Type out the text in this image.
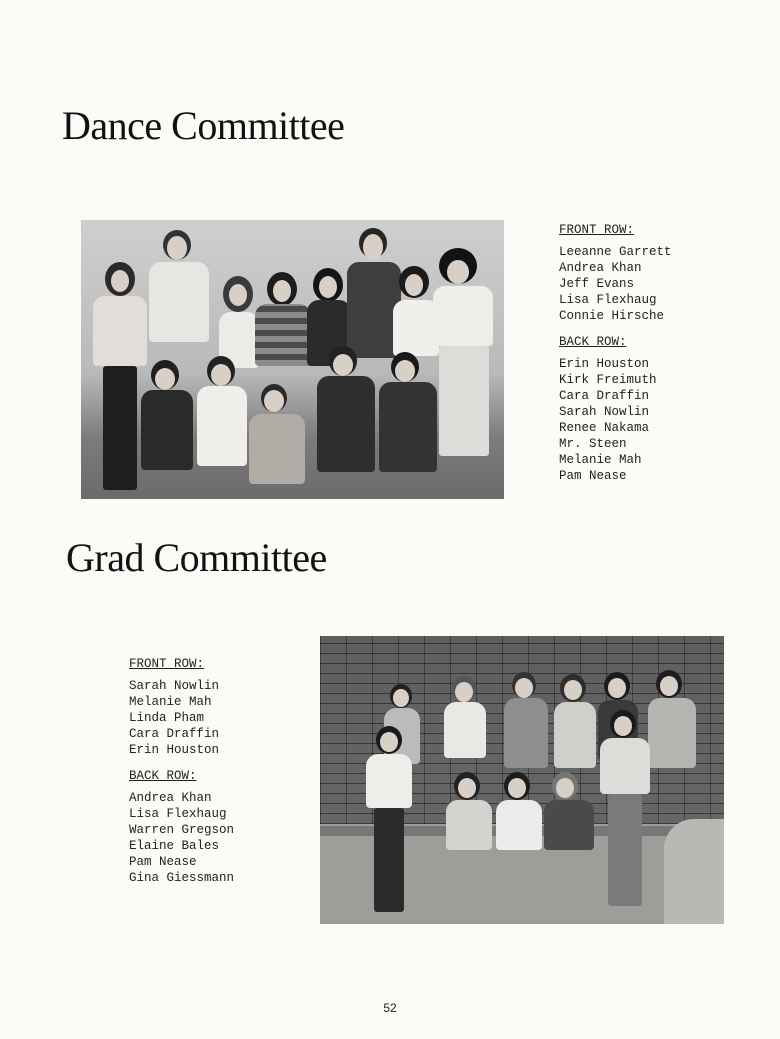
Dance Committee
FRONT ROW:
Leeanne Garrett
Andrea Khan
Jeff Evans
Lisa Flexhaug
Connie Hirsche
BACK ROW:
Erin Houston
Kirk Freimuth
Cara Draffin
Sarah Nowlin
Renee Nakama
Mr. Steen
Melanie Mah
Pam Nease
Grad Committee
FRONT ROW:
Sarah Nowlin
Melanie Mah
Linda Pham
Cara Draffin
Erin Houston
BACK ROW:
Andrea Khan
Lisa Flexhaug
Warren Gregson
Elaine Bales
Pam Nease
Gina Giessmann
52
